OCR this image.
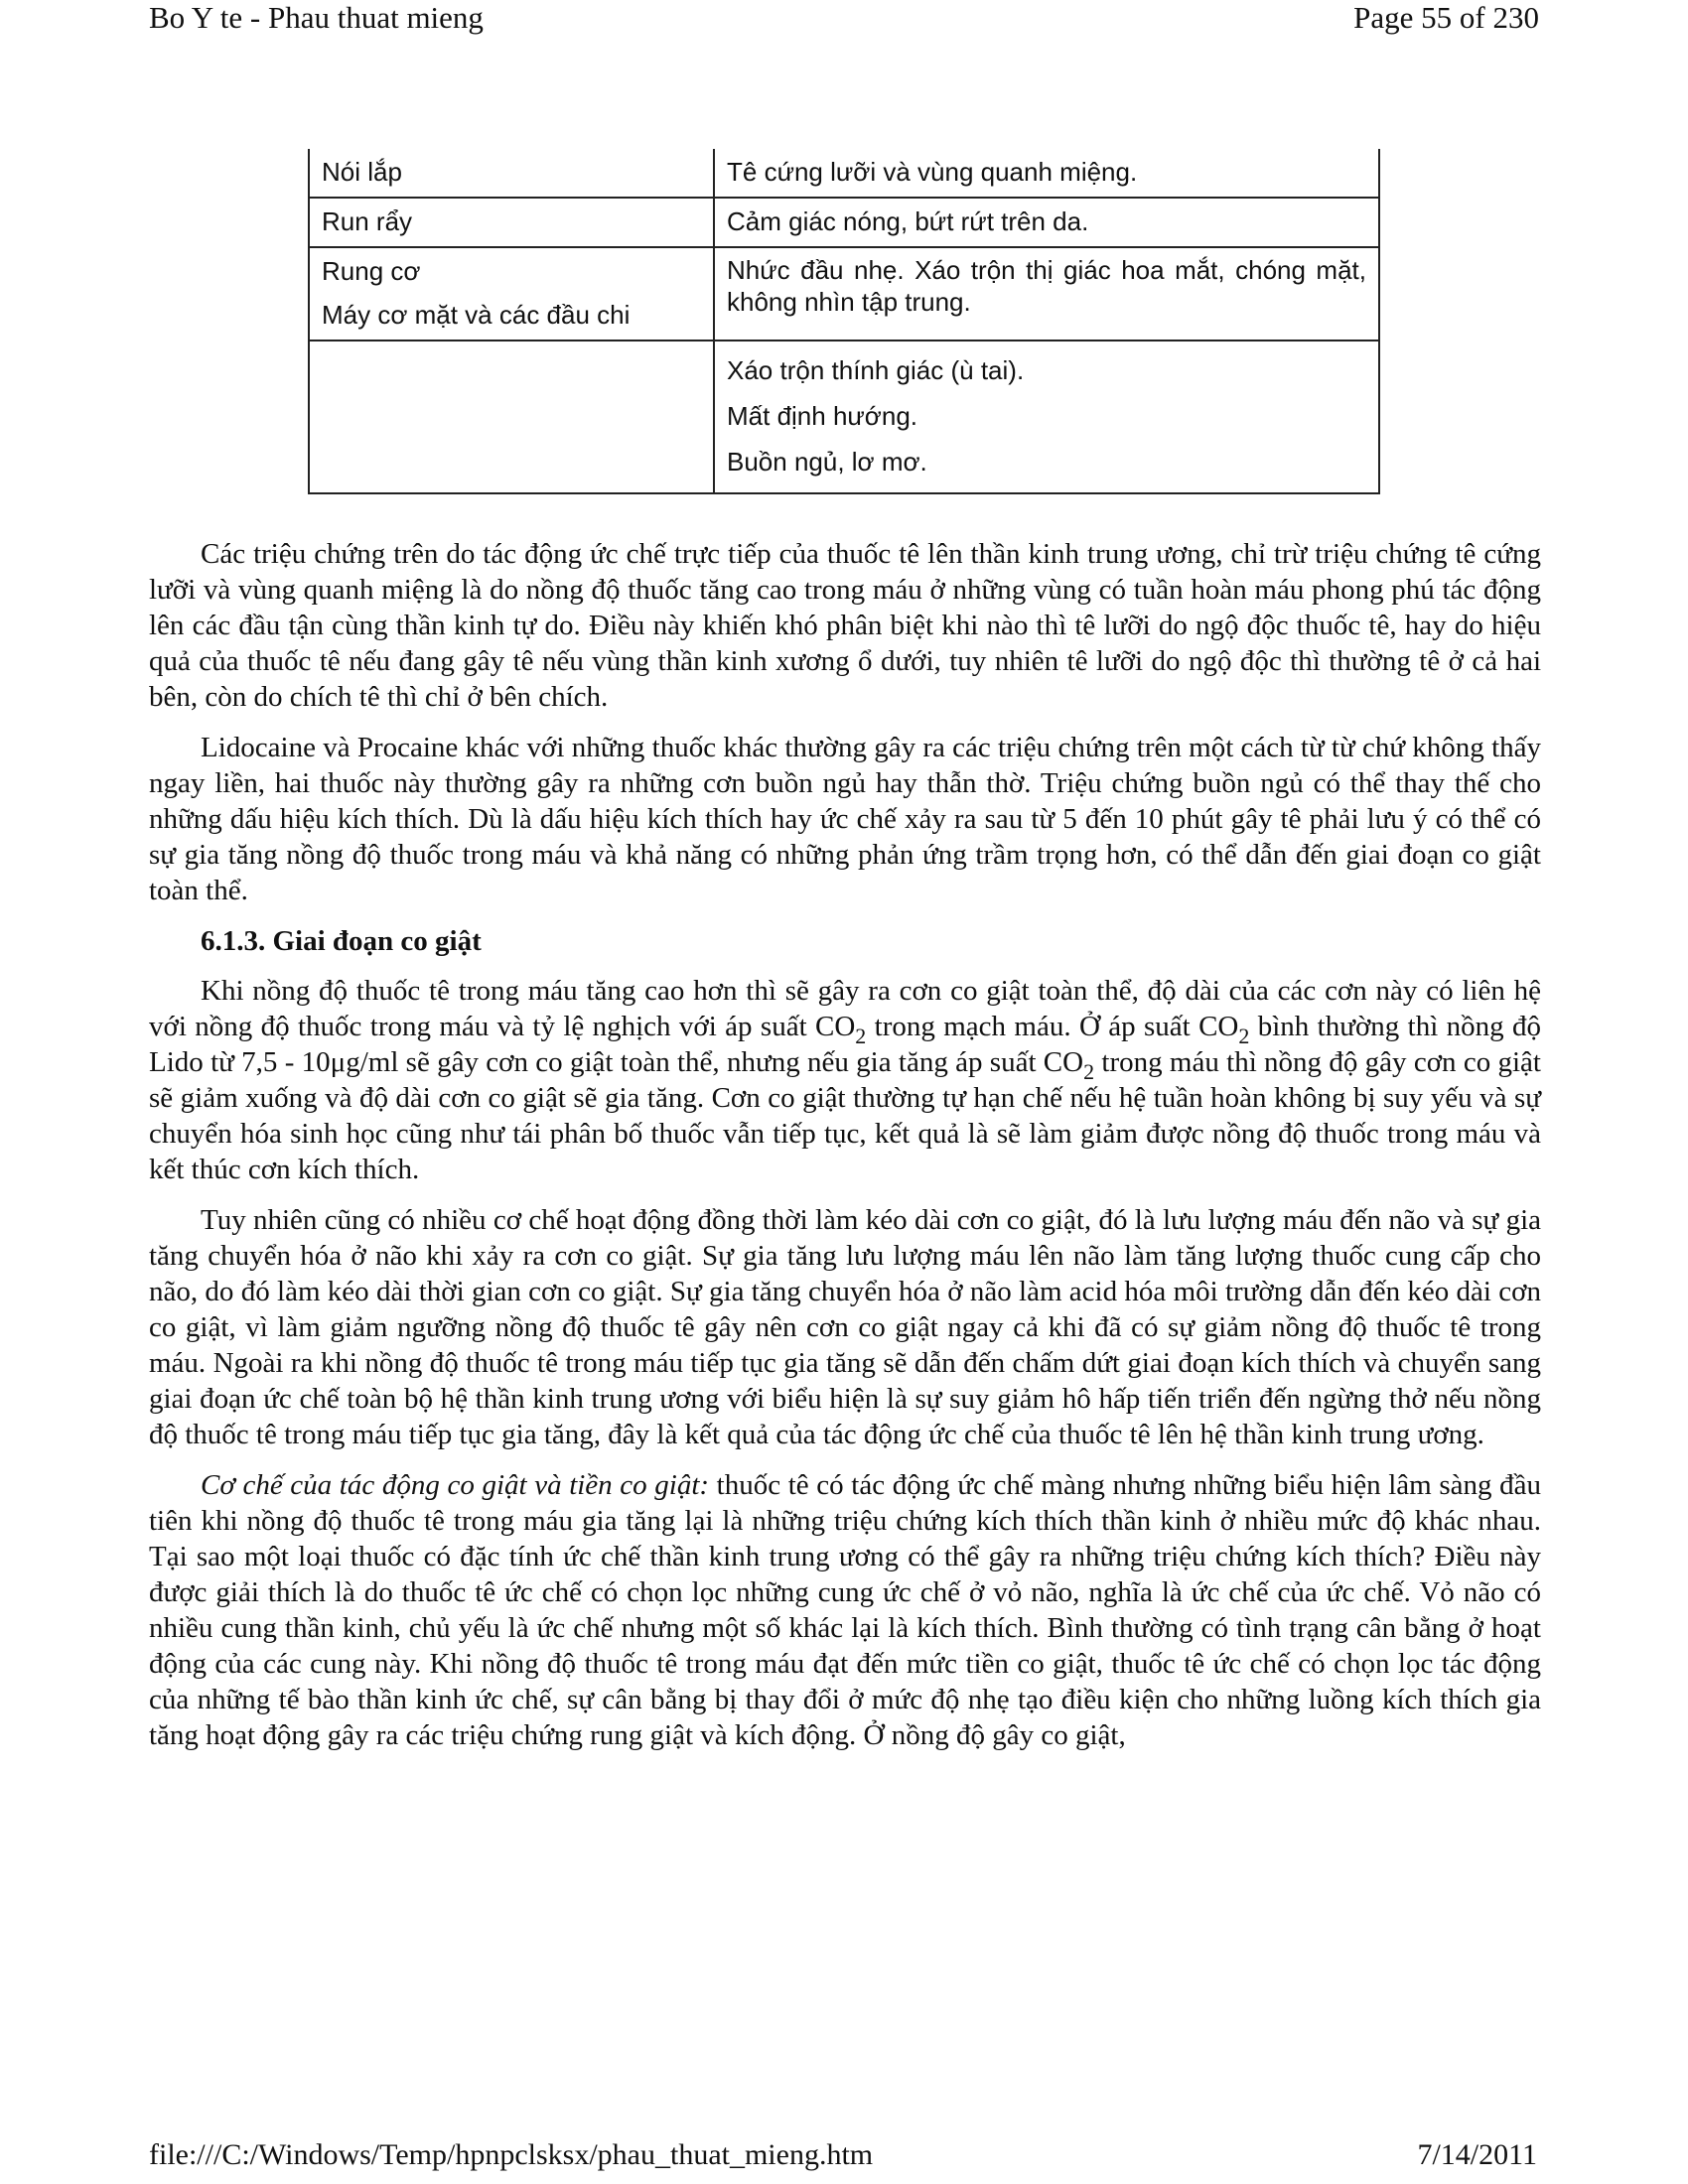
Bo Y te - Phau thuat mieng	Page 55 of 230
Nói lắp	Tê cứng lưỡi và vùng quanh miệng.

Run rẩy	Cảm giác nóng, bứt rứt trên da.

Rung cơ
Máy cơ mặt và các đầu chi	Nhức đầu nhẹ. Xáo trộn thị giác hoa mắt, chóng mặt, không nhìn tập trung.

	Xáo trộn thính giác (ù tai).
Mất định hướng.
Buồn ngủ, lơ mơ.

Các triệu chứng trên do tác động ức chế trực tiếp của thuốc tê lên thần kinh trung ương, chỉ trừ triệu chứng tê cứng lưỡi và vùng quanh miệng là do nồng độ thuốc tăng cao trong máu ở những vùng có tuần hoàn máu phong phú tác động lên các đầu tận cùng thần kinh tự do. Điều này khiến khó phân biệt khi nào thì tê lưỡi do ngộ độc thuốc tê, hay do hiệu quả của thuốc tê nếu đang gây tê nếu vùng thần kinh xương ổ dưới, tuy nhiên tê lưỡi do ngộ độc thì thường tê ở cả hai bên, còn do chích tê thì chỉ ở bên chích.

Lidocaine và Procaine khác với những thuốc khác thường gây ra các triệu chứng trên một cách từ từ chứ không thấy ngay liền, hai thuốc này thường gây ra những cơn buồn ngủ hay thẫn thờ. Triệu chứng buồn ngủ có thể thay thế cho những dấu hiệu kích thích. Dù là dấu hiệu kích thích hay ức chế xảy ra sau từ 5 đến 10 phút gây tê phải lưu ý có thể có sự gia tăng nồng độ thuốc trong máu và khả năng có những phản ứng trầm trọng hơn, có thể dẫn đến giai đoạn co giật toàn thể.

6.1.3. Giai đoạn co giật

Khi nồng độ thuốc tê trong máu tăng cao hơn thì sẽ gây ra cơn co giật toàn thể, độ dài của các cơn này có liên hệ với nồng độ thuốc trong máu và tỷ lệ nghịch với áp suất $CO_2$ trong mạch máu. Ở áp suất $CO_2$ bình thường thì nồng độ Lido từ 7,5 - 10μg/ml sẽ gây cơn co giật toàn thể, nhưng nếu gia tăng áp suất $CO_2$ trong máu thì nồng độ gây cơn co giật sẽ giảm xuống và độ dài cơn co giật sẽ gia tăng. Cơn co giật thường tự hạn chế nếu hệ tuần hoàn không bị suy yếu và sự chuyển hóa sinh học cũng như tái phân bố thuốc vẫn tiếp tục, kết quả là sẽ làm giảm được nồng độ thuốc trong máu và kết thúc cơn kích thích.

Tuy nhiên cũng có nhiều cơ chế hoạt động đồng thời làm kéo dài cơn co giật, đó là lưu lượng máu đến não và sự gia tăng chuyển hóa ở não khi xảy ra cơn co giật. Sự gia tăng lưu lượng máu lên não làm tăng lượng thuốc cung cấp cho não, do đó làm kéo dài thời gian cơn co giật. Sự gia tăng chuyển hóa ở não làm acid hóa môi trường dẫn đến kéo dài cơn co giật, vì làm giảm ngưỡng nồng độ thuốc tê gây nên cơn co giật ngay cả khi đã có sự giảm nồng độ thuốc tê trong máu. Ngoài ra khi nồng độ thuốc tê trong máu tiếp tục gia tăng sẽ dẫn đến chấm dứt giai đoạn kích thích và chuyển sang giai đoạn ức chế toàn bộ hệ thần kinh trung ương với biểu hiện là sự suy giảm hô hấp tiến triển đến ngừng thở nếu nồng độ thuốc tê trong máu tiếp tục gia tăng, đây là kết quả của tác động ức chế của thuốc tê lên hệ thần kinh trung ương.

Cơ chế của tác động co giật và tiền co giật: thuốc tê có tác động ức chế màng nhưng những biểu hiện lâm sàng đầu tiên khi nồng độ thuốc tê trong máu gia tăng lại là những triệu chứng kích thích thần kinh ở nhiều mức độ khác nhau. Tại sao một loại thuốc có đặc tính ức chế thần kinh trung ương có thể gây ra những triệu chứng kích thích? Điều này được giải thích là do thuốc tê ức chế có chọn lọc những cung ức chế ở vỏ não, nghĩa là ức chế của ức chế. Vỏ não có nhiều cung thần kinh, chủ yếu là ức chế nhưng một số khác lại là kích thích. Bình thường có tình trạng cân bằng ở hoạt động của các cung này. Khi nồng độ thuốc tê trong máu đạt đến mức tiền co giật, thuốc tê ức chế có chọn lọc tác động của những tế bào thần kinh ức chế, sự cân bằng bị thay đổi ở mức độ nhẹ tạo điều kiện cho những luồng kích thích gia tăng hoạt động gây ra các triệu chứng rung giật và kích động. Ở nồng độ gây co giật,

file:///C:/Windows/Temp/hpnpclsksx/phau_thuat_mieng.htm	7/14/2011
